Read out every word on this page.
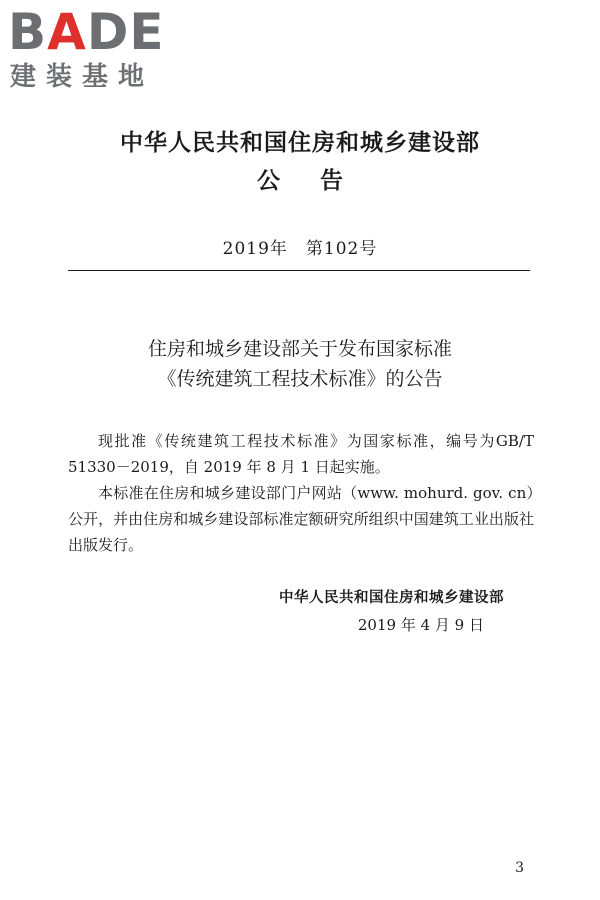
BADE
建装基地
中华人民共和国住房和城乡建设部
公告
2019年　第102号
住房和城乡建设部关于发布国家标准
《传统建筑工程技术标准》的公告

现批准《传统建筑工程技术标准》为国家标准，编号为GB/T 51330－2019，自 2019 年 8 月 1 日起实施。

本标准在住房和城乡建设部门户网站（www. mohurd. gov. cn）公开，并由住房和城乡建设部标准定额研究所组织中国建筑工业出版社出版发行。

中华人民共和国住房和城乡建设部
2019 年 4 月 9 日
3
